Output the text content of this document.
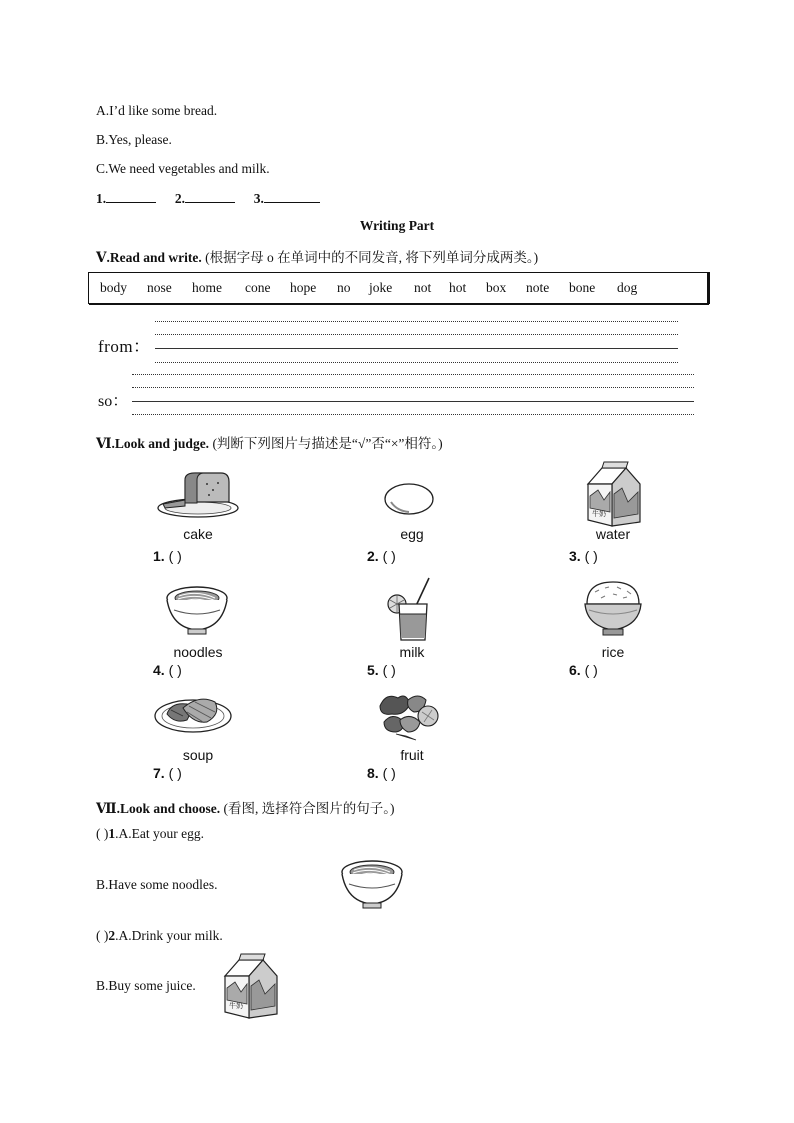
A.I’d like some bread.
B.Yes, please.
C.We need vegetables and milk.
1.	2.	3.
Writing Part
Ⅴ.Read and write. (根据字母 o 在单词中的不同发音, 将下列单词分成两类。)
body nose home cone hope no joke not hot box note bone dog
from：
so：
Ⅵ.Look and judge. (判断下列图片与描述是“√”否“×”相符。)
cake
1. ( )
egg
2. ( )
牛奶
water
3. ( )
noodles
4. ( )
milk
5. ( )
rice
6. ( )
soup
7. ( )
fruit
8. ( )
Ⅶ.Look and choose. (看图, 选择符合图片的句子。)
( )1.A.Eat your egg.
B.Have some noodles.
( )2.A.Drink your milk.
B.Buy some juice.
牛奶
